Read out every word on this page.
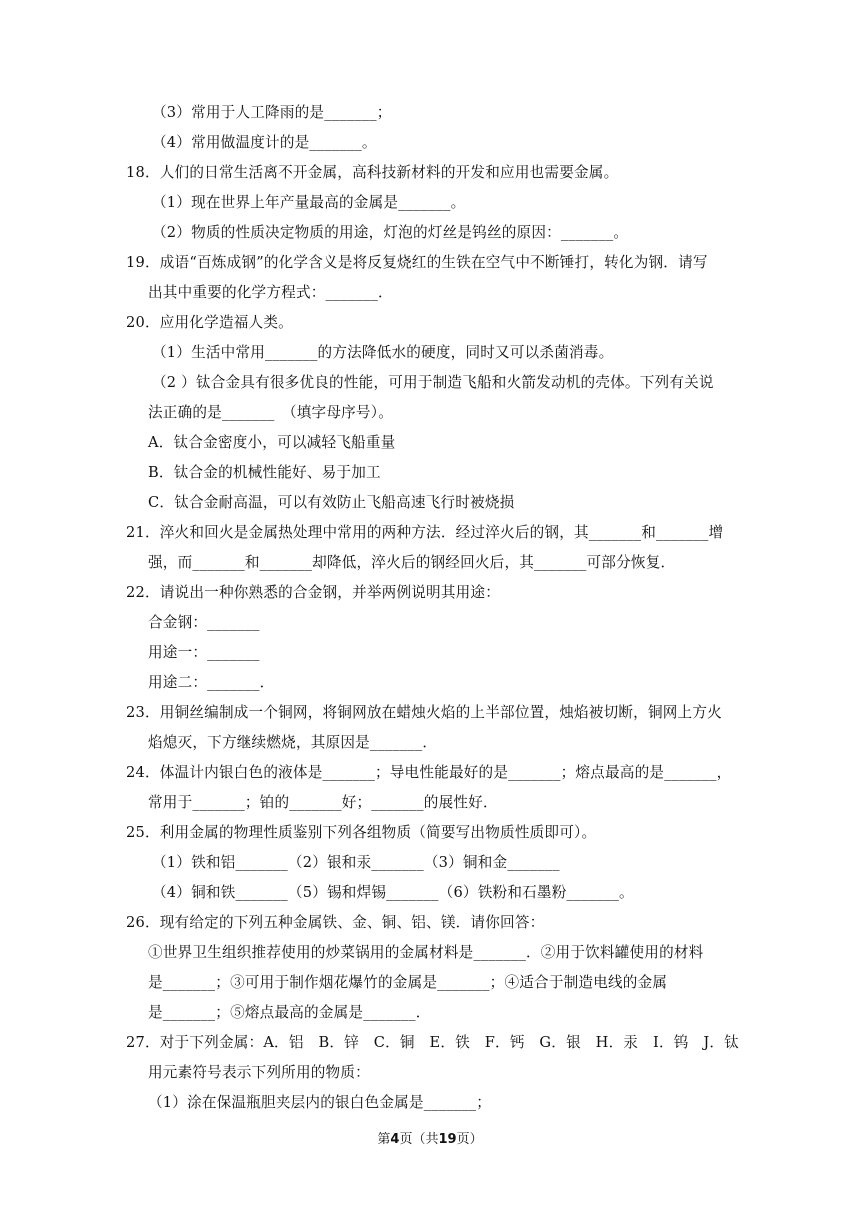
（3）常用于人工降雨的是_______；
（4）常用做温度计的是_______。
18．人们的日常生活离不开金属，高科技新材料的开发和应用也需要金属。
（1）现在世界上年产量最高的金属是_______。
（2）物质的性质决定物质的用途，灯泡的灯丝是钨丝的原因：_______。
19．成语“百炼成钢”的化学含义是将反复烧红的生铁在空气中不断锤打，转化为钢．请写
出其中重要的化学方程式：_______．
20．应用化学造福人类。
（1）生活中常用_______的方法降低水的硬度，同时又可以杀菌消毒。
（2 ）钛合金具有很多优良的性能，可用于制造飞船和火箭发动机的壳体。下列有关说
法正确的是_______　（填字母序号）。
A．钛合金密度小，可以减轻飞船重量
B．钛合金的机械性能好、易于加工
C．钛合金耐高温，可以有效防止飞船高速飞行时被烧损
21．淬火和回火是金属热处理中常用的两种方法．经过淬火后的钢，其_______和_______增
强，而_______和_______却降低，淬火后的钢经回火后，其_______可部分恢复．
22．请说出一种你熟悉的合金钢，并举两例说明其用途：
合金钢：_______
用途一：_______
用途二：_______．
23．用铜丝编制成一个铜网，将铜网放在蜡烛火焰的上半部位置，烛焰被切断，铜网上方火
焰熄灭，下方继续燃烧，其原因是_______．
24．体温计内银白色的液体是_______；导电性能最好的是_______；熔点最高的是_______，
常用于_______；铂的_______好；_______的展性好．
25．利用金属的物理性质鉴别下列各组物质（简要写出物质性质即可）。
（1）铁和铝_______（2）银和汞_______（3）铜和金_______
（4）铜和铁_______（5）锡和焊锡_______（6）铁粉和石墨粉_______。
26．现有给定的下列五种金属铁、金、铜、铝、镁．请你回答：
①世界卫生组织推荐使用的炒菜锅用的金属材料是_______．②用于饮料罐使用的材料
是_______；③可用于制作烟花爆竹的金属是_______；④适合于制造电线的金属
是_______；⑤熔点最高的金属是_______．
27．对于下列金属：A．铝　B．锌　C．铜　E．铁　F．钙　G．银　H．汞　I．钨　J．钛
用元素符号表示下列所用的物质：
（1）涂在保温瓶胆夹层内的银白色金属是_______；
第4页（共19页）
